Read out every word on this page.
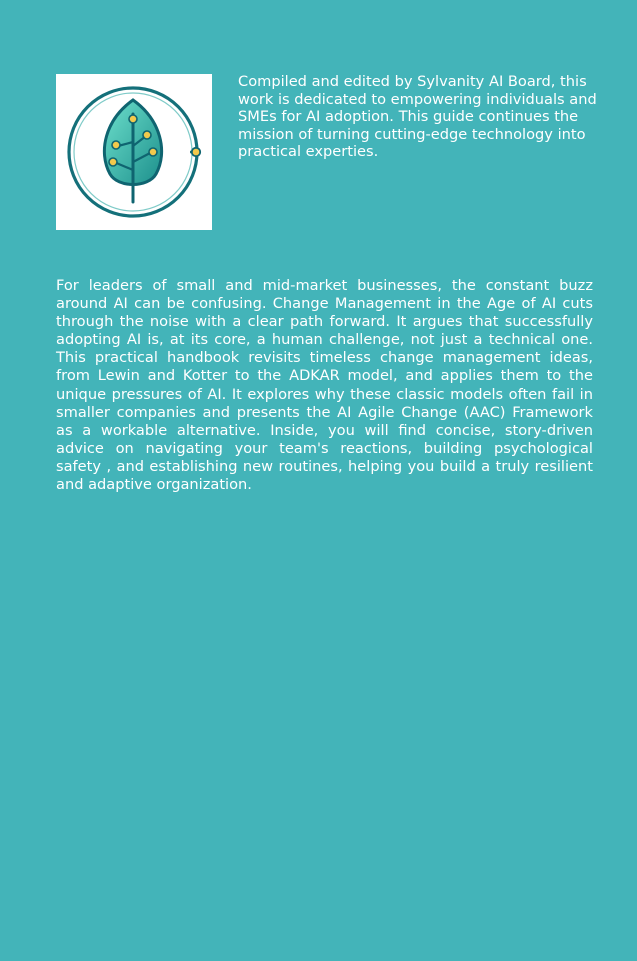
Compiled and edited by Sylvanity AI Board, this work is dedicated to empowering individuals and SMEs for AI adoption. This guide continues the mission of turning cutting-edge technology into practical experties.

For leaders of small and mid-market businesses, the constant buzz around AI can be confusing. Change Management in the Age of AI cuts through the noise with a clear path forward. It argues that successfully adopting AI is, at its core, a human challenge, not just a technical one. This practical handbook revisits timeless change management ideas, from Lewin and Kotter to the ADKAR model, and applies them to the unique pressures of AI. It explores why these classic models often fail in smaller companies and presents the AI Agile Change (AAC) Framework as a workable alternative. Inside, you will find concise, story-driven advice on navigating your team's reactions, building psychological safety , and establishing new routines, helping you build a truly resilient and adaptive organization.
